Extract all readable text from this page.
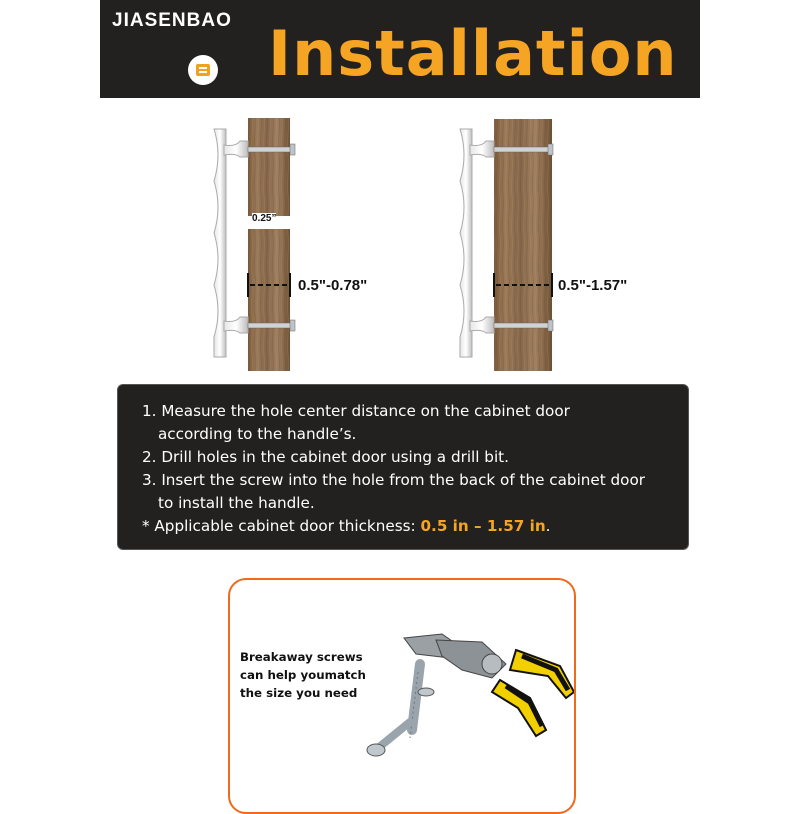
JIASENBAO Installation
0.25”
0.5"-0.78"	0.5"-1.57"
1. Measure the hole center distance on the cabinet door
according to the handle’s.
2. Drill holes in the cabinet door using a drill bit.
3. Insert the screw into the hole from the back of the cabinet door
to install the handle.
* Applicable cabinet door thickness: 0.5 in – 1.57 in.
Breakaway screws
can help youmatch
the size you need
